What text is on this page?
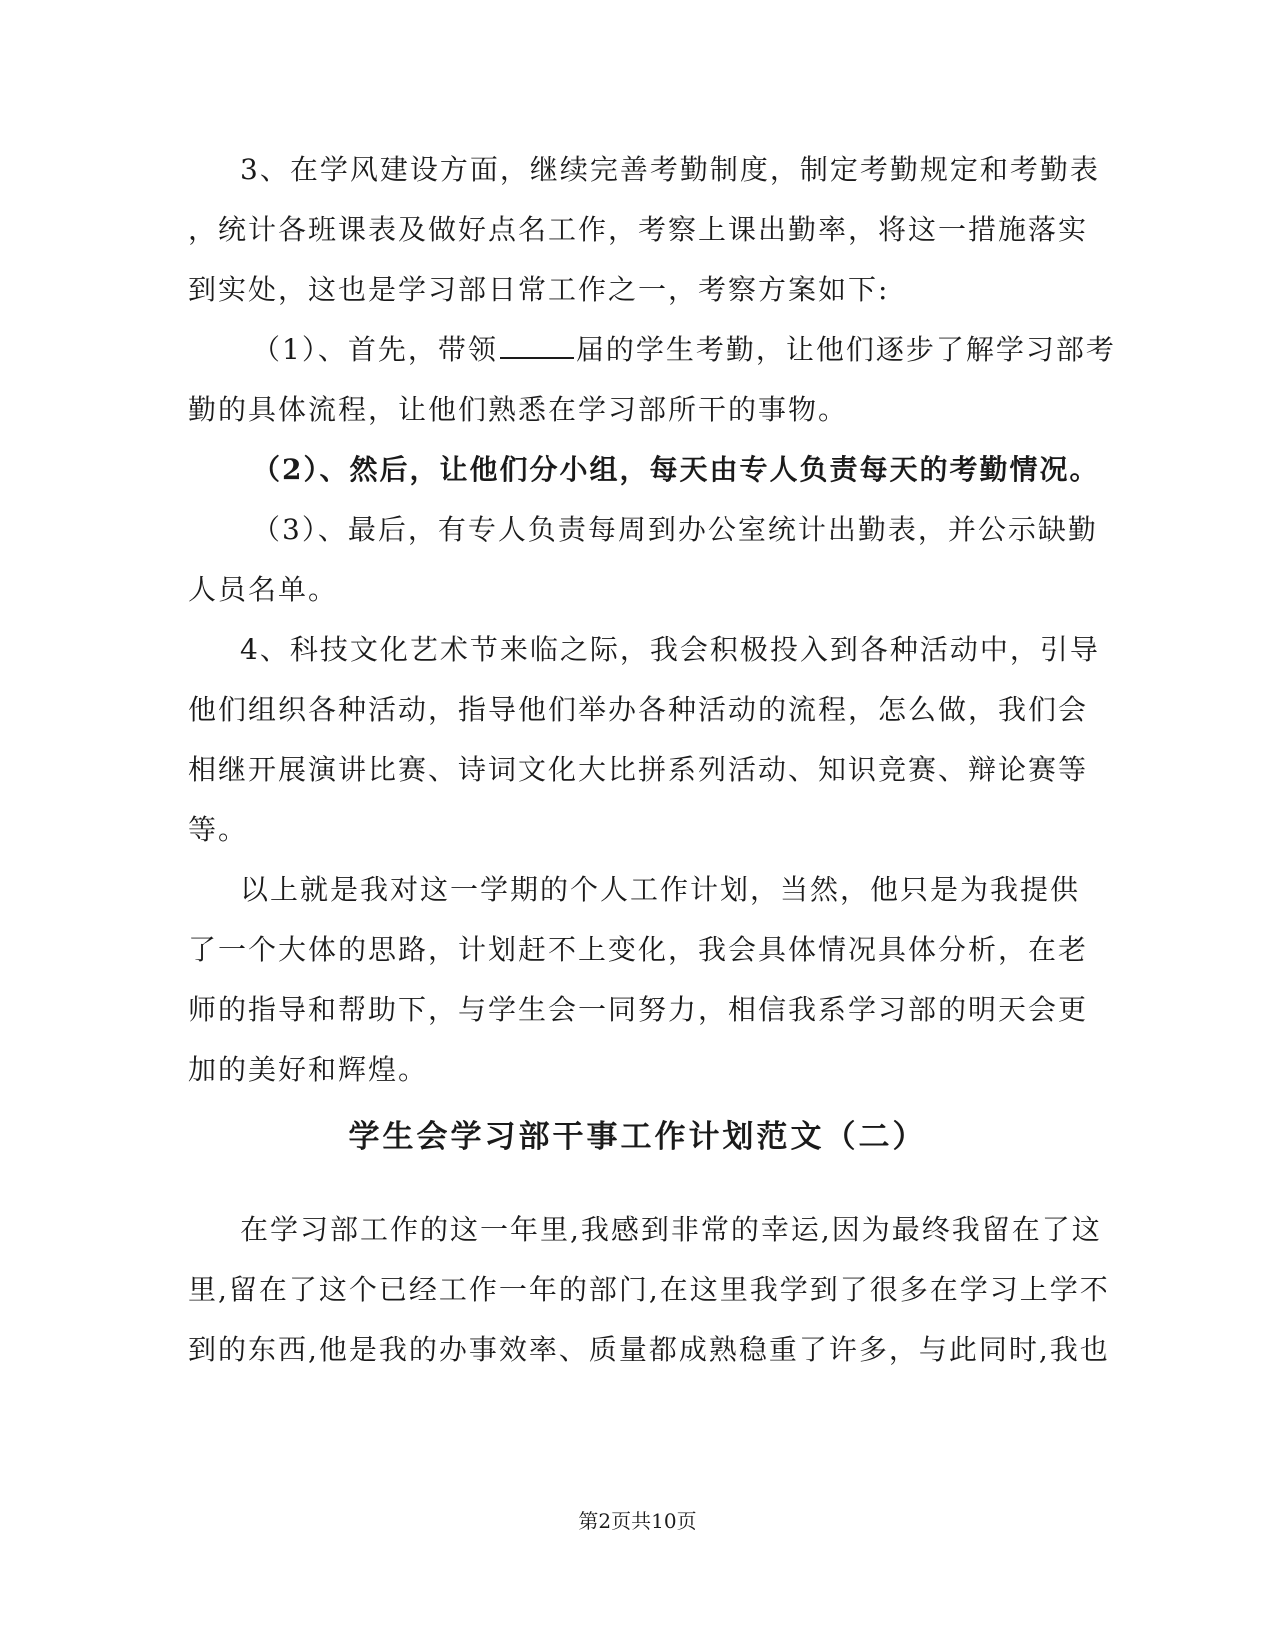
3、在学风建设方面，继续完善考勤制度，制定考勤规定和考勤表
，统计各班课表及做好点名工作，考察上课出勤率，将这一措施落实
到实处，这也是学习部日常工作之一，考察方案如下:
（1）、首先，带领	届的学生考勤，让他们逐步了解学习部考
勤的具体流程，让他们熟悉在学习部所干的事物。
（2）、然后，让他们分小组，每天由专人负责每天的考勤情况。
（3）、最后，有专人负责每周到办公室统计出勤表，并公示缺勤
人员名单。
4、科技文化艺术节来临之际，我会积极投入到各种活动中，引导
他们组织各种活动，指导他们举办各种活动的流程，怎么做，我们会
相继开展演讲比赛、诗词文化大比拼系列活动、知识竞赛、辩论赛等
等。
以上就是我对这一学期的个人工作计划，当然，他只是为我提供
了一个大体的思路，计划赶不上变化，我会具体情况具体分析，在老
师的指导和帮助下，与学生会一同努力，相信我系学习部的明天会更
加的美好和辉煌。
学生会学习部干事工作计划范文（二）
在学习部工作的这一年里,我感到非常的幸运,因为最终我留在了这
里,留在了这个已经工作一年的部门,在这里我学到了很多在学习上学不
到的东西,他是我的办事效率、质量都成熟稳重了许多，与此同时,我也
第2页共10页
